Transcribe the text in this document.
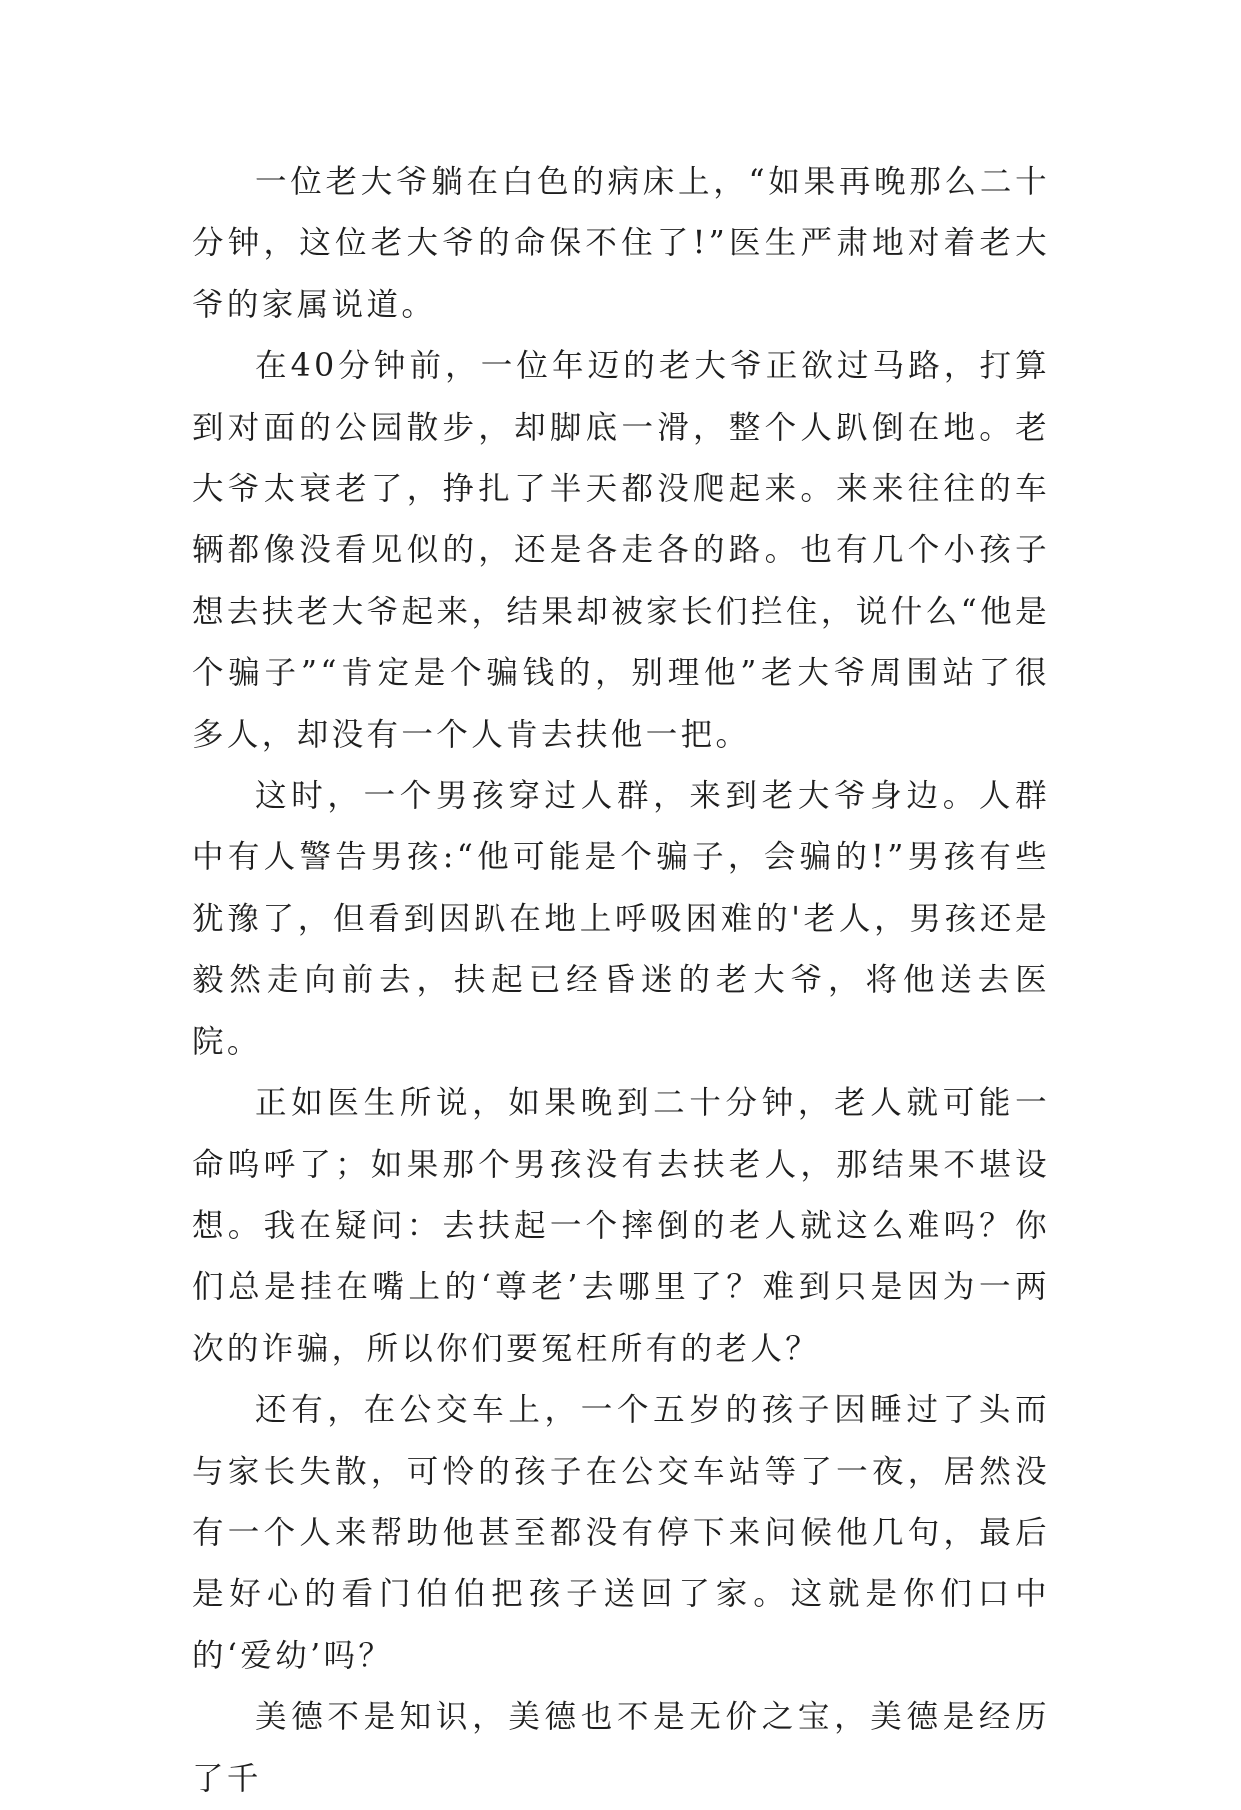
一位老大爷躺在白色的病床上，“如果再晚那么二十分钟，这位老大爷的命保不住了!”医生严肃地对着老大爷的家属说道。

在40分钟前，一位年迈的老大爷正欲过马路，打算到对面的公园散步，却脚底一滑，整个人趴倒在地。老大爷太衰老了，挣扎了半天都没爬起来。来来往往的车辆都像没看见似的，还是各走各的路。也有几个小孩子想去扶老大爷起来，结果却被家长们拦住，说什么“他是个骗子”“肯定是个骗钱的，别理他”老大爷周围站了很多人，却没有一个人肯去扶他一把。

这时，一个男孩穿过人群，来到老大爷身边。人群中有人警告男孩:“他可能是个骗子，会骗的!”男孩有些犹豫了，但看到因趴在地上呼吸困难的'老人，男孩还是毅然走向前去，扶起已经昏迷的老大爷，将他送去医院。

正如医生所说，如果晚到二十分钟，老人就可能一命呜呼了；如果那个男孩没有去扶老人，那结果不堪设想。我在疑问：去扶起一个摔倒的老人就这么难吗？你们总是挂在嘴上的‘尊老’去哪里了？难到只是因为一两次的诈骗，所以你们要冤枉所有的老人？

还有，在公交车上，一个五岁的孩子因睡过了头而与家长失散，可怜的孩子在公交车站等了一夜，居然没有一个人来帮助他甚至都没有停下来问候他几句，最后是好心的看门伯伯把孩子送回了家。这就是你们口中的‘爱幼’吗？

美德不是知识，美德也不是无价之宝，美德是经历了千
